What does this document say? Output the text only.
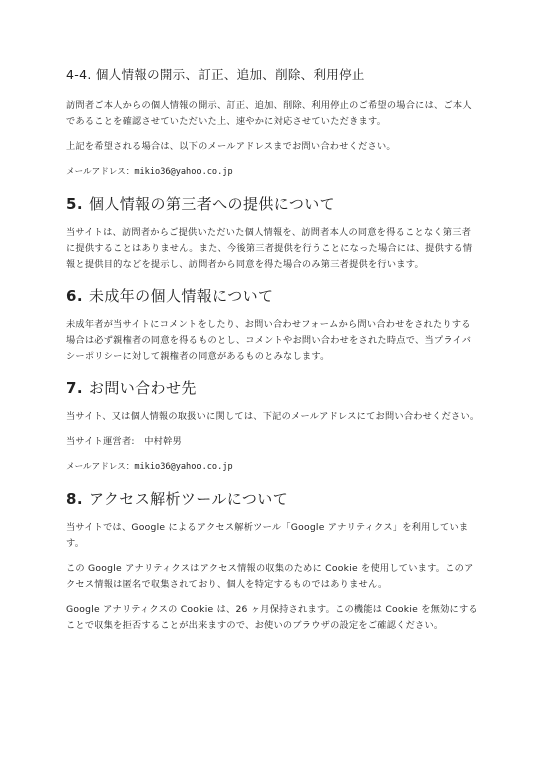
4-4. 個人情報の開示、訂正、追加、削除、利用停止
訪問者ご本人からの個人情報の開示、訂正、追加、削除、利用停止のご希望の場合には、ご本人であることを確認させていただいた上、速やかに対応させていただきます。
上記を希望される場合は、以下のメールアドレスまでお問い合わせください。
メールアドレス：mikio36@yahoo.co.jp
5. 個人情報の第三者への提供について
当サイトは、訪問者からご提供いただいた個人情報を、訪問者本人の同意を得ることなく第三者に提供することはありません。また、今後第三者提供を行うことになった場合には、提供する情報と提供目的などを提示し、訪問者から同意を得た場合のみ第三者提供を行います。
6. 未成年の個人情報について
未成年者が当サイトにコメントをしたり、お問い合わせフォームから問い合わせをされたりする場合は必ず親権者の同意を得るものとし、コメントやお問い合わせをされた時点で、当プライバシーポリシーに対して親権者の同意があるものとみなします。
7. お問い合わせ先
当サイト、又は個人情報の取扱いに関しては、下記のメールアドレスにてお問い合わせください。
当サイト運営者:　中村幹男
メールアドレス：mikio36@yahoo.co.jp
8. アクセス解析ツールについて
当サイトでは、Google によるアクセス解析ツール「Google アナリティクス」を利用しています。
この Google アナリティクスはアクセス情報の収集のために Cookie を使用しています。このアクセス情報は匿名で収集されており、個人を特定するものではありません。
Google アナリティクスの Cookie は、26 ヶ月保持されます。この機能は Cookie を無効にすることで収集を拒否することが出来ますので、お使いのブラウザの設定をご確認ください。
